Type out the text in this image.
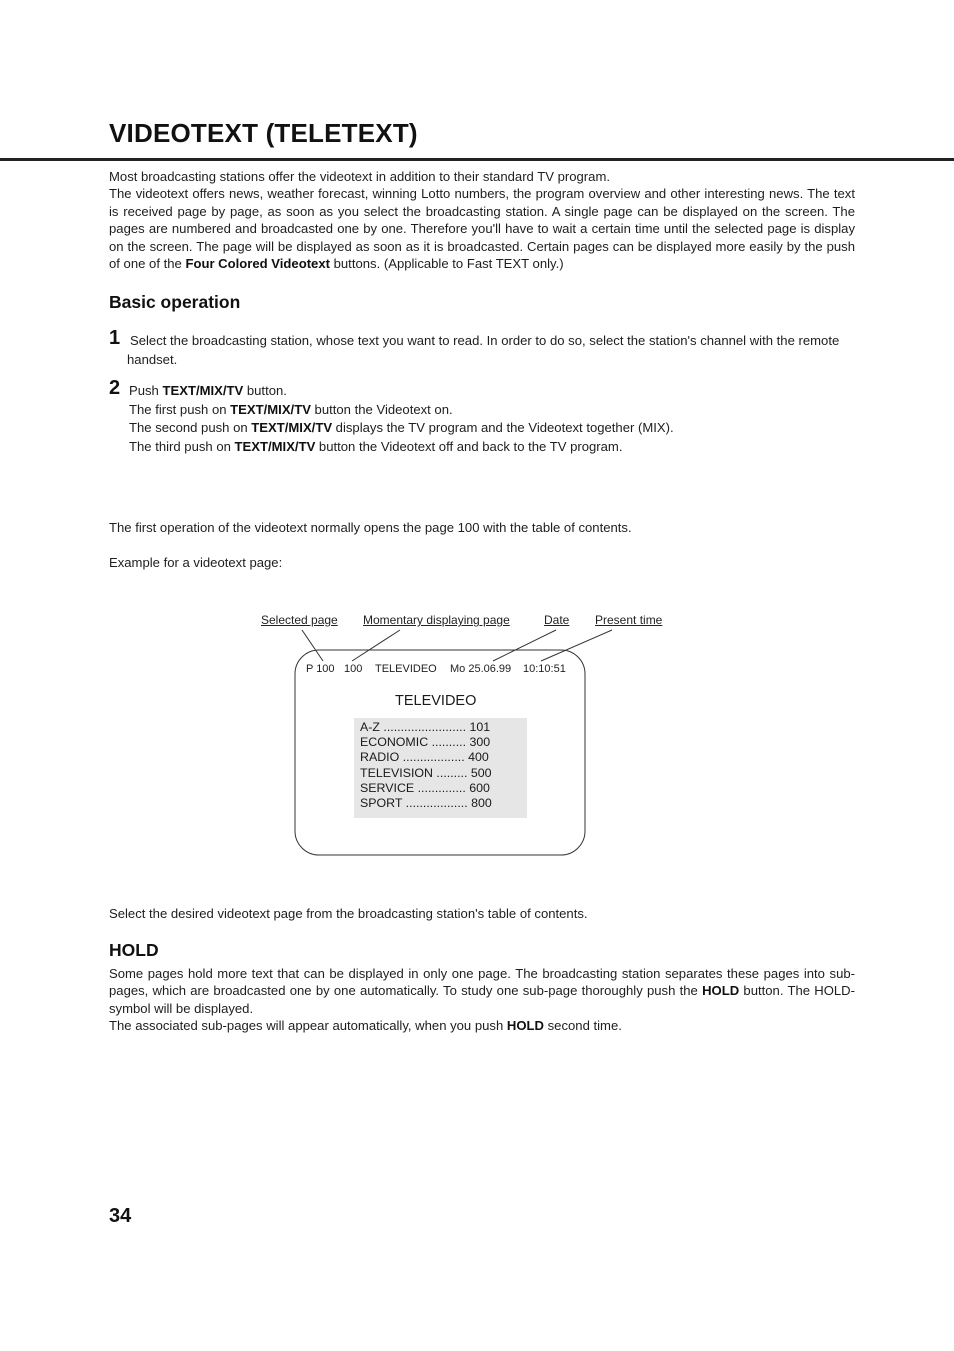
VIDEOTEXT (TELETEXT)
Most broadcasting stations offer the videotext in addition to their standard TV program.
The videotext offers news, weather forecast, winning Lotto numbers, the program overview and other interesting news. The text is received page by page, as soon as you select the broadcasting station. A single page can be displayed on the screen. The pages are numbered and broadcasted one by one. Therefore you'll have to wait a certain time until the selected page is display on the screen. The page will be displayed as soon as it is broadcasted. Certain pages can be displayed more easily by the push of one of the Four Colored Videotext buttons. (Applicable to Fast TEXT only.)
Basic operation
1 Select the broadcasting station, whose text you want to read. In order to do so, select the station's channel with the remote handset.
2 Push TEXT/MIX/TV button.
The first push on TEXT/MIX/TV button the Videotext on.
The second push on TEXT/MIX/TV displays the TV program and the Videotext together (MIX).
The third push on TEXT/MIX/TV button the Videotext off and back to the TV program.
The first operation of the videotext normally opens the page 100 with the table of contents.
Example for a videotext page:
Selected page Momentary displaying page	Date Present time
P 100 100 TELEVIDEO Mo 25.06.99 10:10:51
TELEVIDEO
A-Z ........................ 101
ECONOMIC .......... 300
RADIO .................. 400
TELEVISION ......... 500
SERVICE .............. 600
SPORT .................. 800
Select the desired videotext page from the broadcasting station's table of contents.
HOLD
Some pages hold more text that can be displayed in only one page. The broadcasting station separates these pages into sub-pages, which are broadcasted one by one automatically. To study one sub-page thoroughly push the HOLD button. The HOLD-symbol will be displayed.
The associated sub-pages will appear automatically, when you push HOLD second time.
34
